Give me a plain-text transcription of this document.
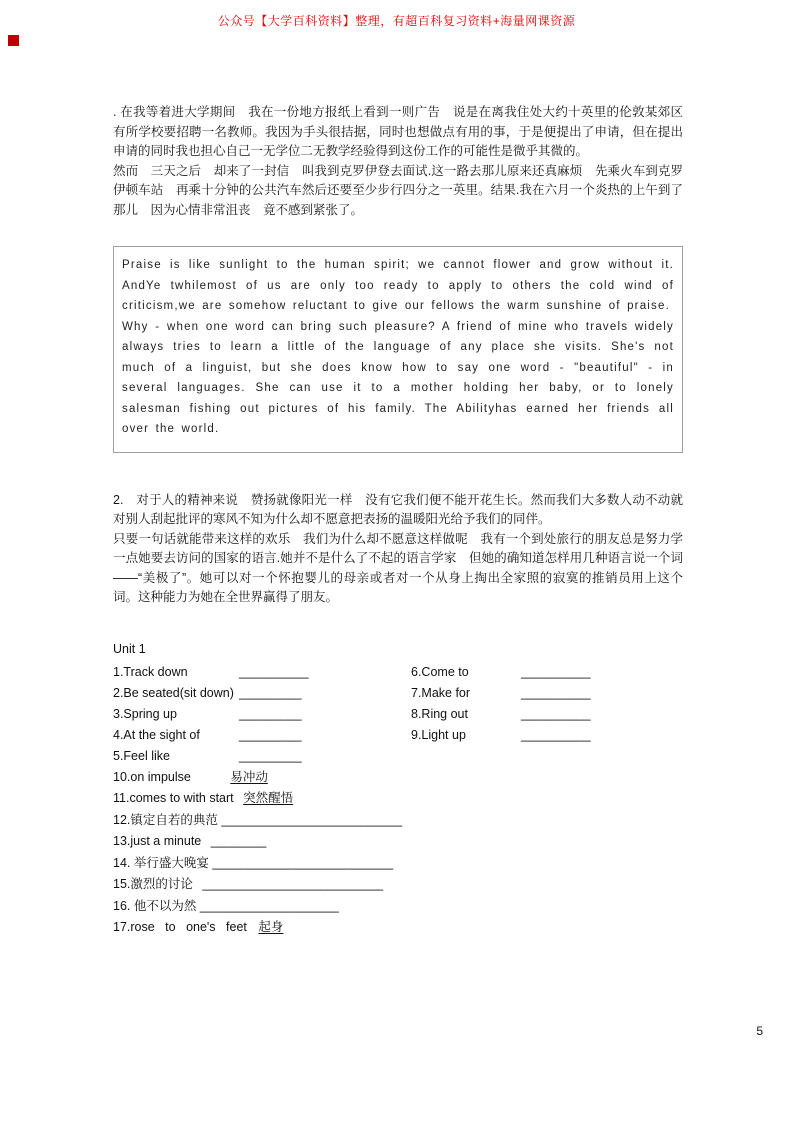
公众号【大学百科资料】整理，有超百科复习资料+海量网课资源

. 在我等着进大学期间　我在一份地方报纸上看到一则广告　说是在离我住处大约十英里的伦敦某郊区　有所学校要招聘一名教师。我因为手头很拮据，同时也想做点有用的事，于是便提出了申请，但在提出申请的同时我也担心自己一无学位二无教学经验得到这份工作的可能性是微乎其微的。

然而　三天之后　却来了一封信　叫我到克罗伊登去面试.这一路去那儿原来还真麻烦　先乘火车到克罗伊顿车站　再乘十分钟的公共汽车然后还要至少步行四分之一英里。结果.我在六月一个炎热的上午到了那儿　因为心情非常沮丧　竟不感到紧张了。

Praise is like sunlight to the human spirit; we cannot flower and grow without it. AndYe twhilemost of us are only too ready to apply to others the cold wind of criticism,we are somehow reluctant to give our fellows the warm sunshine of praise.

Why - when one word can bring such pleasure? A friend of mine who travels widely always tries to learn a little of the language of any place she visits. She's not much of a linguist, but she does know how to say one word - "beautiful" - in several languages. She can use it to a mother holding her baby, or to lonely salesman fishing out pictures of his family. The Abilityhas earned her friends all over the world.

2.　对于人的精神来说　赞扬就像阳光一样　没有它我们便不能开花生长。然而我们大多数人动不动就对别人刮起批评的寒风不知为什么却不愿意把表扬的温暖阳光给予我们的同伴。

只要一句话就能带来这样的欢乐　我们为什么却不愿意这样做呢　我有一个到处旅行的朋友总是努力学一点她要去访问的国家的语言.她并不是什么了不起的语言学家　但她的确知道怎样用几种语言说一个词——“美极了”。她可以对一个怀抱婴儿的母亲或者对一个从身上掏出全家照的寂寞的推销员用上这个词。这种能力为她在全世界赢得了朋友。

Unit 1

1.Track down	__________	6.Come to	__________
2.Be seated(sit down) _________	7.Make for	__________
3.Spring up	_________	8.Ring out	__________
4.At the sight of	_________	9.Light up	__________
5.Feel like	_________
10.on impulse	易冲动
11.comes to with start 突然醒悟
12.镇定自若的典范 __________________________
13.just a minute ________
14. 举行盛大晚宴 __________________________
15.激烈的讨论 __________________________
16. 他不以为然 ____________________
17.rose to one's feet 起身
5
